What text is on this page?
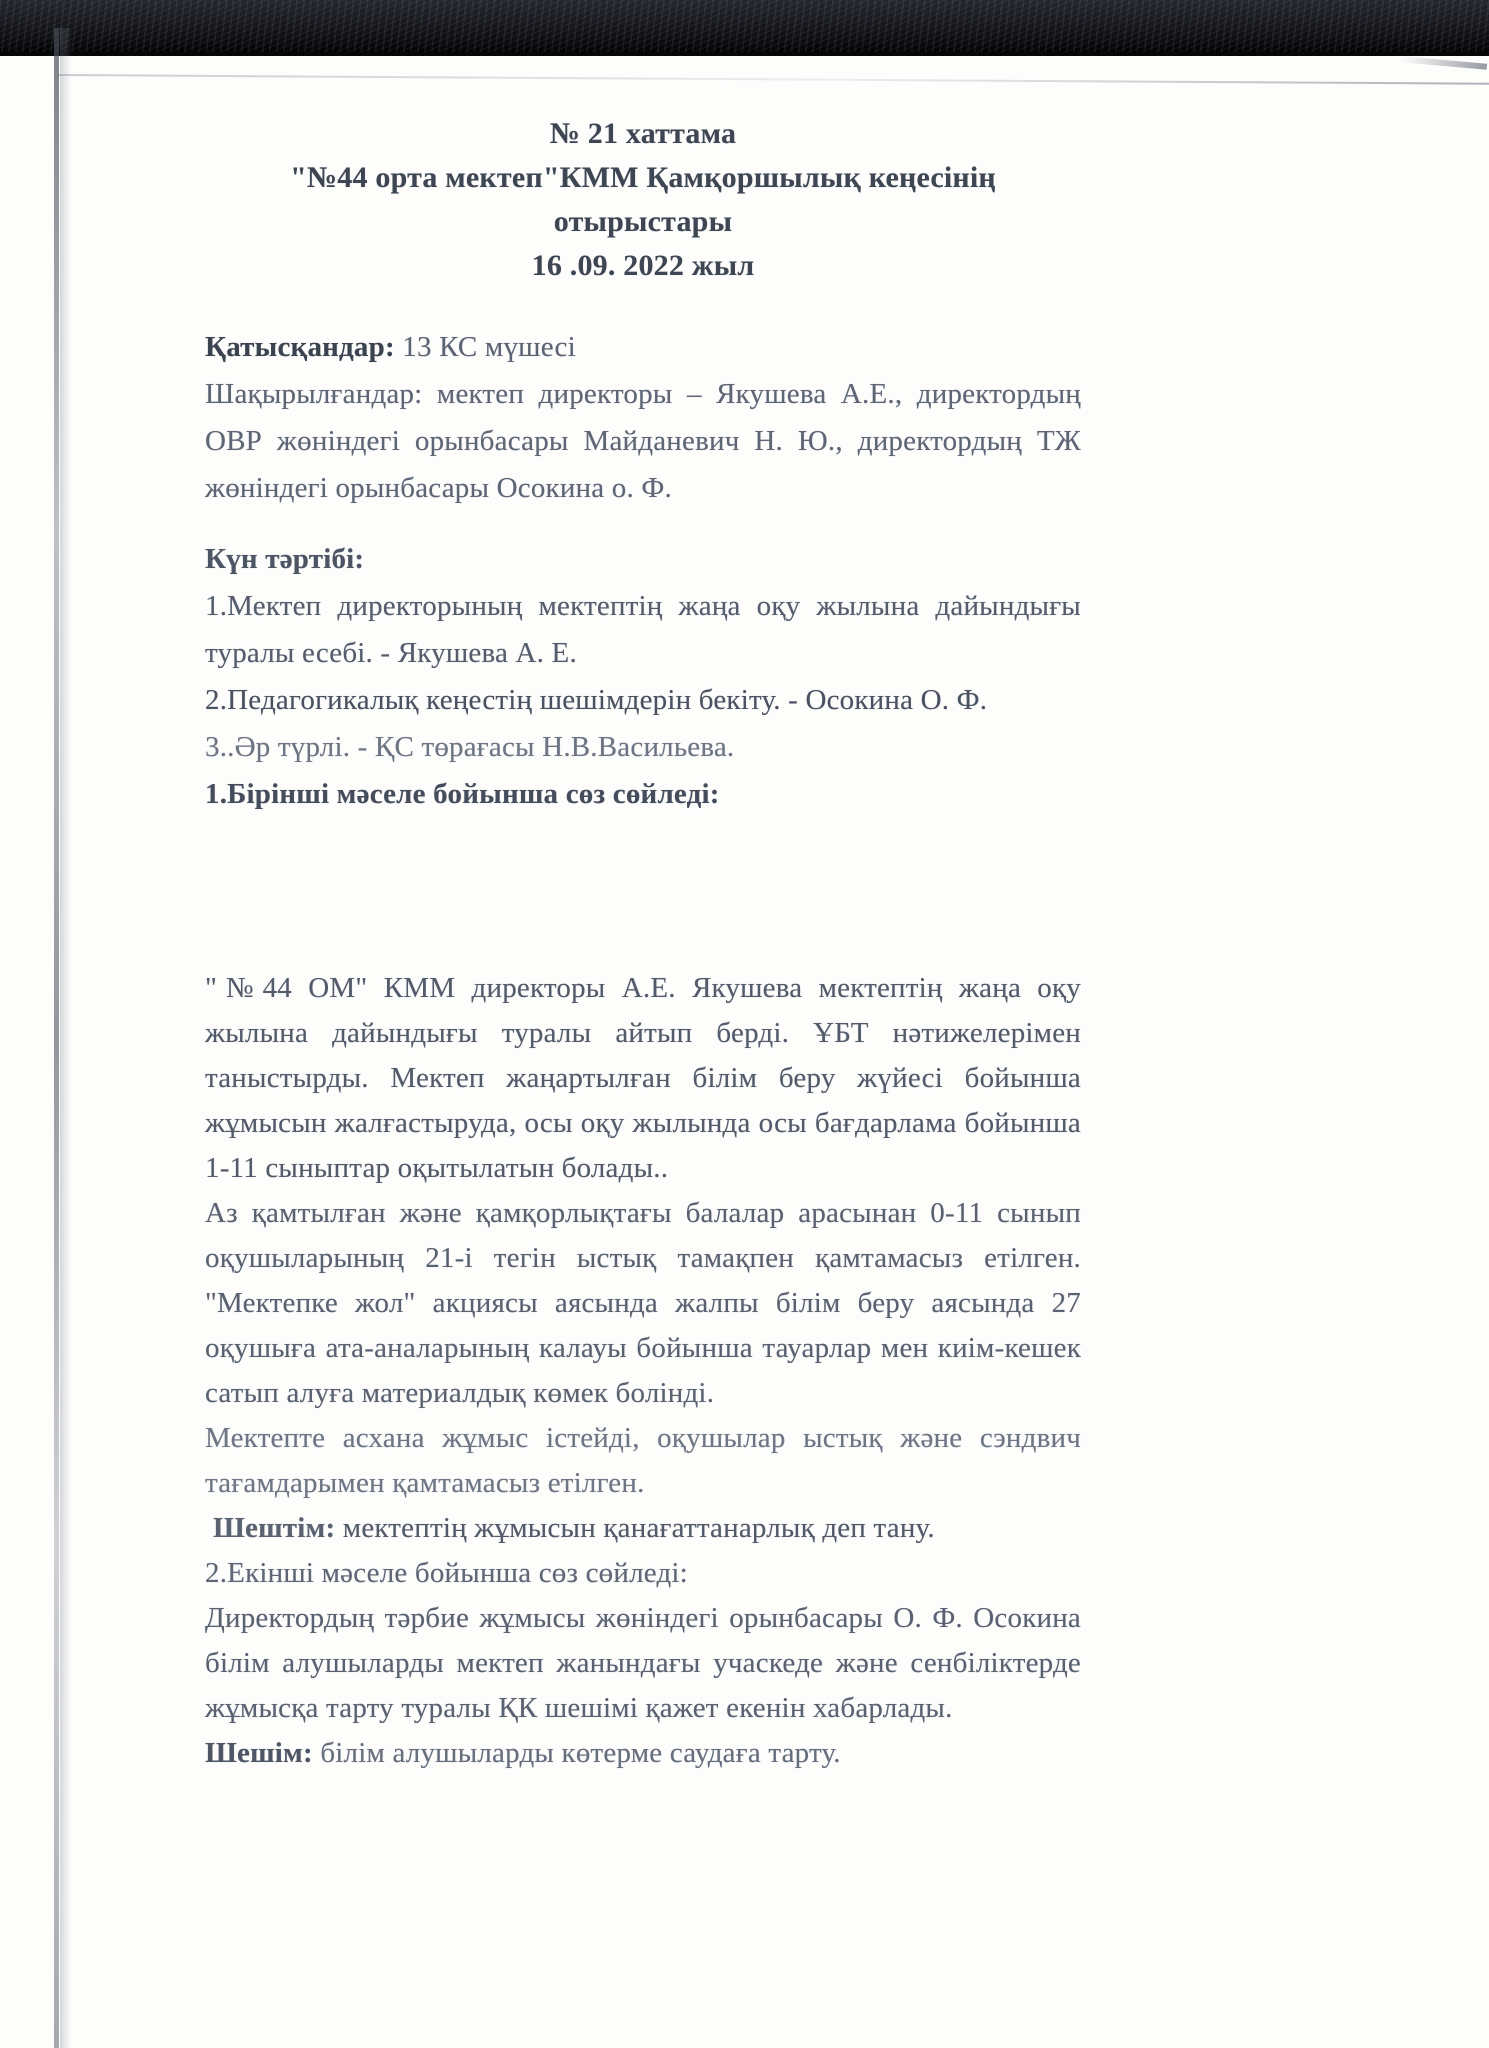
№ 21 хаттама

"№44 орта мектеп"КММ Қамқоршылық кеңесінің отырыстары

16 .09. 2022 жыл

Қатысқандар: 13 КС мүшесі

Шақырылғандар: мектеп директоры – Якушева А.Е., директордың ОВР жөніндегі орынбасары Майданевич Н. Ю., директордың ТЖ жөніндегі орынбасары Осокина о. Ф.

Күн тәртібі:

1.Мектеп директорының мектептің жаңа оқу жылына дайындығы туралы есебі. - Якушева А. Е.

2.Педагогикалық кеңестің шешімдерін бекіту. - Осокина О. Ф.

3..Әр түрлі. - ҚС төрағасы Н.В.Васильева.

1.Бірінші мәселе бойынша сөз сөйледі:

"№44 ОМ" КММ директоры А.Е. Якушева мектептің жаңа оқу жылына дайындығы туралы айтып берді. ҰБТ нәтижелерімен таныстырды. Мектеп жаңартылған білім беру жүйесі бойынша жұмысын жалғастыруда, осы оқу жылында осы бағдарлама бойынша 1-11 сыныптар оқытылатын болады..

Аз қамтылған және қамқорлықтағы балалар арасынан 0-11 сынып оқушыларының 21-і тегін ыстық тамақпен қамтамасыз етілген. "Мектепке жол" акциясы аясында жалпы білім беру аясында 27 оқушыға ата-аналарының калауы бойынша тауарлар мен киім-кешек сатып алуға материалдық көмек болінді.

Мектепте асхана жұмыс істейді, оқушылар ыстық және сэндвич тағамдарымен қамтамасыз етілген.

Шештім: мектептің жұмысын қанағаттанарлық деп тану.

2.Екінші мәселе бойынша сөз сөйледі:

Директордың тәрбие жұмысы жөніндегі орынбасары О. Ф. Осокина білім алушыларды мектеп жанындағы учаскеде және сенбіліктерде жұмысқа тарту туралы ҚК шешімі қажет екенін хабарлады.

Шешім: білім алушыларды көтерме саудаға тарту.
